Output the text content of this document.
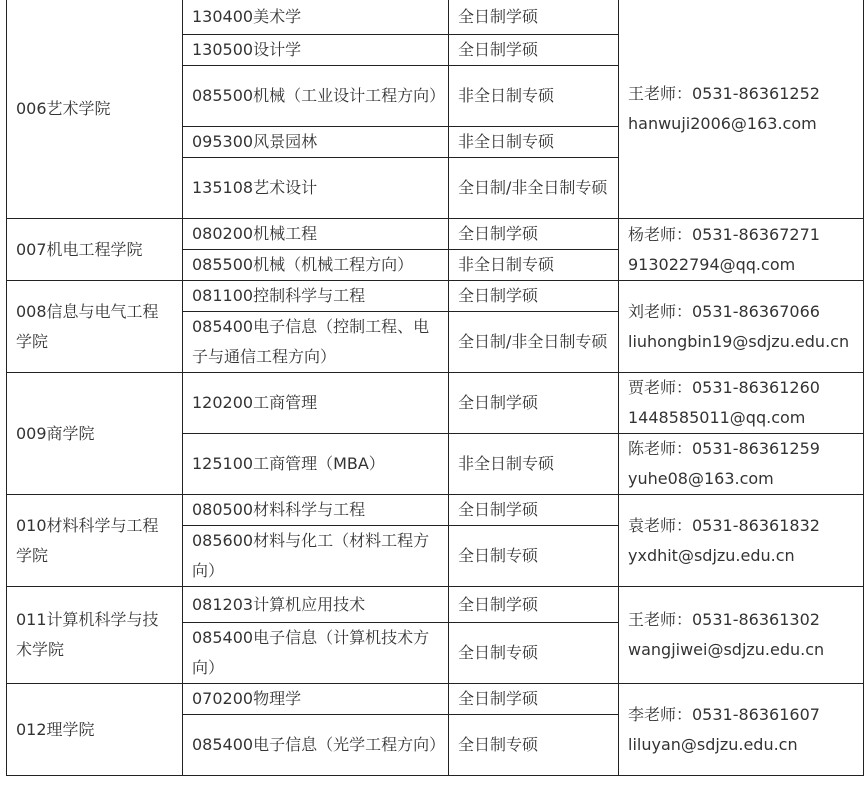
006艺术学院	130400美术学	全日制学硕	王老师：0531-86361252
hanwuji2006@163.com

	130500设计学	全日制学硕	
	085500机械（工业设计工程方向）	非全日制专硕	
	095300风景园林	非全日制专硕	
	135108艺术设计	全日制/非全日制专硕	
007机电工程学院	080200机械工程	全日制学硕	杨老师：0531-86367271
913022794@qq.com

	085500机械（机械工程方向）	非全日制专硕	
008信息与电气工程学院	081100控制科学与工程	全日制学硕	刘老师：0531-86367066
liuhongbin19@sdjzu.edu.cn

	085400电子信息（控制工程、电子与通信工程方向）	全日制/非全日制专硕	
009商学院	120200工商管理	全日制学硕	贾老师：0531-86361260
1448585011@qq.com

	125100工商管理（MBA）	非全日制专硕	陈老师：0531-86361259
yuhe08@163.com

010材料科学与工程学院	080500材料科学与工程	全日制学硕	袁老师：0531-86361832
yxdhit@sdjzu.edu.cn

	085600材料与化工（材料工程方向）	全日制专硕	
011计算机科学与技术学院	081203计算机应用技术	全日制学硕	王老师：0531-86361302
wangjiwei@sdjzu.edu.cn

	085400电子信息（计算机技术方向）	全日制专硕	
012理学院	070200物理学	全日制学硕	李老师：0531-86361607
liluyan@sdjzu.edu.cn

	085400电子信息（光学工程方向）	全日制专硕	
